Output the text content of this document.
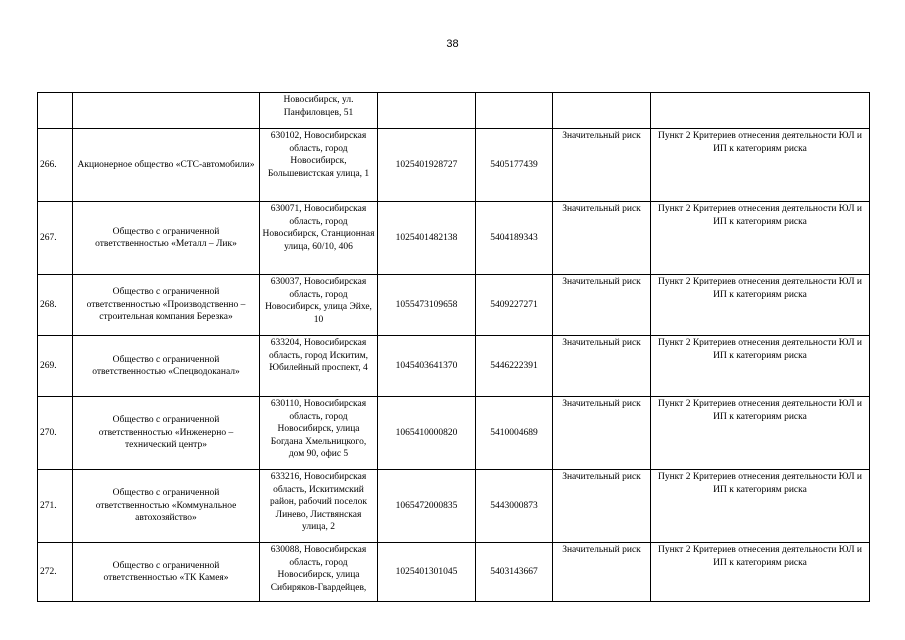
38
		Новосибирск, ул. Панфиловцев, 51				
266.	Акционерное общество «СТС-автомобили»	630102, Новосибирская область, город Новосибирск, Большевистская улица, 1	1025401928727	5405177439	Значительный риск	Пункт 2 Критериев отнесения деятельности ЮЛ и ИП к категориям риска
267.	Общество с ограниченной ответственностью «Металл – Лик»	630071, Новосибирская область, город Новосибирск, Станционная улица, 60/10, 406	1025401482138	5404189343	Значительный риск	Пункт 2 Критериев отнесения деятельности ЮЛ и ИП к категориям риска
268.	Общество с ограниченной ответственностью «Производственно – строительная компания Березка»	630037, Новосибирская область, город Новосибирск, улица Эйхе, 10	1055473109658	5409227271	Значительный риск	Пункт 2 Критериев отнесения деятельности ЮЛ и ИП к категориям риска
269.	Общество с ограниченной ответственностью «Спецводоканал»	633204, Новосибирская область, город Искитим, Юбилейный проспект, 4	1045403641370	5446222391	Значительный риск	Пункт 2 Критериев отнесения деятельности ЮЛ и ИП к категориям риска
270.	Общество с ограниченной ответственностью «Инженерно – технический центр»	630110, Новосибирская область, город Новосибирск, улица Богдана Хмельницкого, дом 90, офис 5	1065410000820	5410004689	Значительный риск	Пункт 2 Критериев отнесения деятельности ЮЛ и ИП к категориям риска
271.	Общество с ограниченной ответственностью «Коммунальное автохозяйство»	633216, Новосибирская область, Искитимский район, рабочий поселок Линево, Листвянская улица, 2	1065472000835	5443000873	Значительный риск	Пункт 2 Критериев отнесения деятельности ЮЛ и ИП к категориям риска
272.	Общество с ограниченной ответственностью «ТК Камея»	630088, Новосибирская область, город Новосибирск, улица Сибиряков-Гвардейцев,	1025401301045	5403143667	Значительный риск	Пункт 2 Критериев отнесения деятельности ЮЛ и ИП к категориям риска
